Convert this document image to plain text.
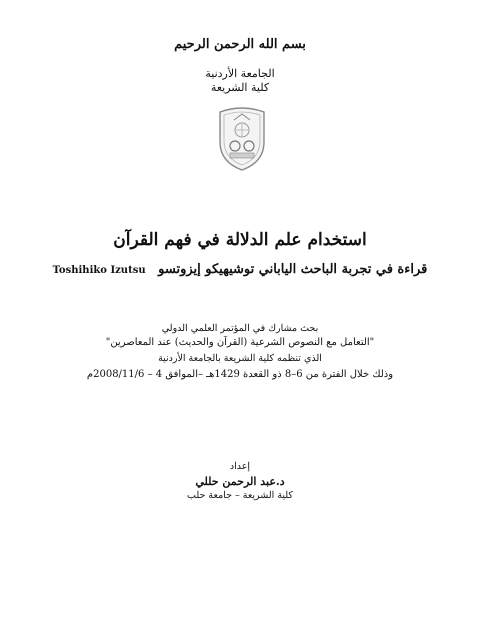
بسم الله الرحمن الرحيم
الجامعة الأردنية
كلية الشريعة
استخدام علم الدلالة في فهم القرآن
Toshihiko Izutsu قراءة في تجربة الباحث الياباني توشيهيكو إيزوتسو
بحث مشارك في المؤتمر العلمي الدولي
"التعامل مع النصوص الشرعية (القرآن والحديث) عند المعاصرين"
الذي تنظمه كلية الشريعة بالجامعة الأردنية
وذلك خلال الفترة من 6–8 ذو القعدة 1429هـ –الموافق 4 – 2008/11/6م
إعداد
د.عبد الرحمن حللي
كلية الشريعة – جامعة حلب
